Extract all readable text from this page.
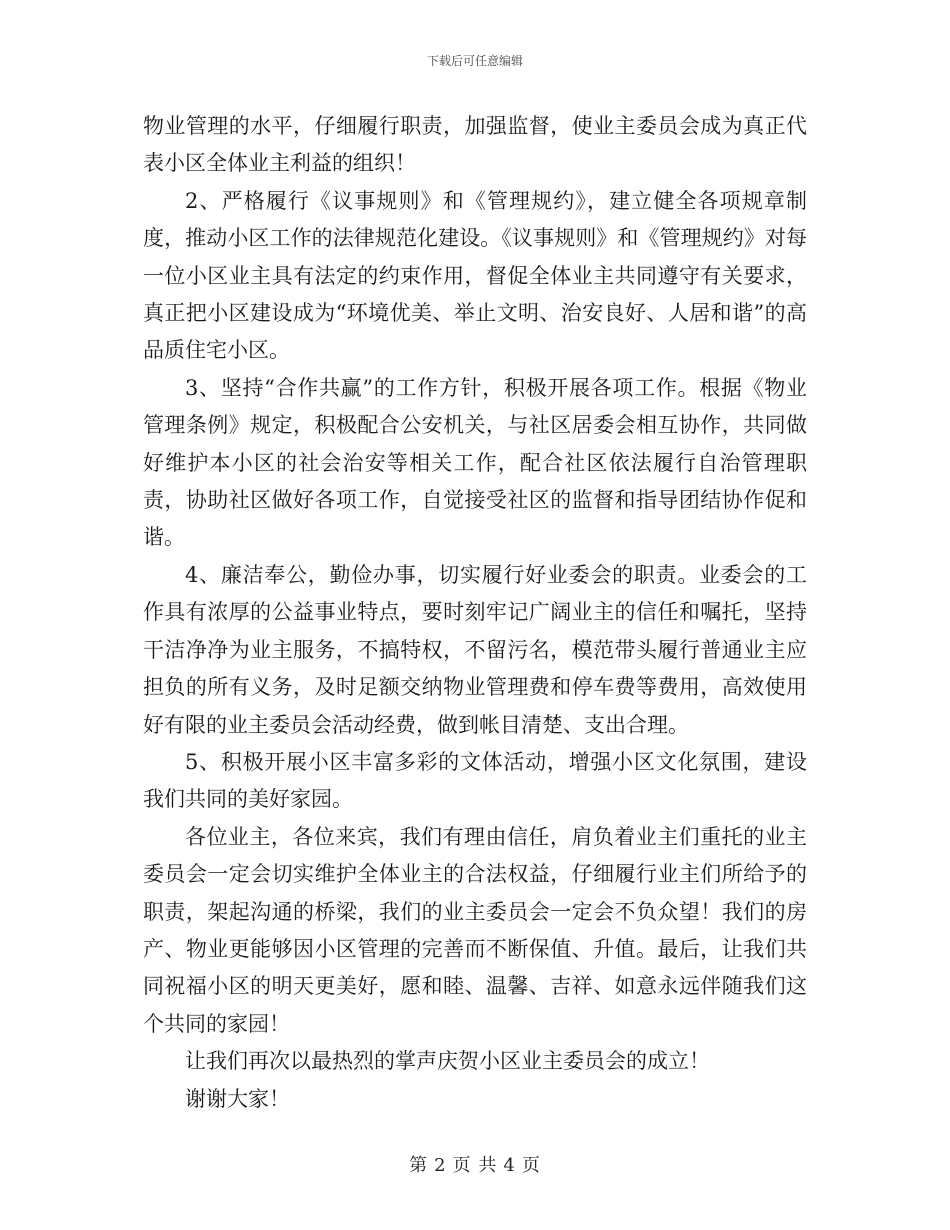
下载后可任意编辑

物业管理的水平，仔细履行职责，加强监督，使业主委员会成为真正代表小区全体业主利益的组织！

2、严格履行《议事规则》和《管理规约》，建立健全各项规章制度，推动小区工作的法律规范化建设。《议事规则》和《管理规约》对每一位小区业主具有法定的约束作用，督促全体业主共同遵守有关要求，真正把小区建设成为“环境优美、举止文明、治安良好、人居和谐”的高品质住宅小区。

3、坚持“合作共赢”的工作方针，积极开展各项工作。根据《物业管理条例》规定，积极配合公安机关，与社区居委会相互协作，共同做好维护本小区的社会治安等相关工作，配合社区依法履行自治管理职责，协助社区做好各项工作，自觉接受社区的监督和指导团结协作促和谐。

4、廉洁奉公，勤俭办事，切实履行好业委会的职责。业委会的工作具有浓厚的公益事业特点，要时刻牢记广阔业主的信任和嘱托，坚持干洁净净为业主服务，不搞特权，不留污名，模范带头履行普通业主应担负的所有义务，及时足额交纳物业管理费和停车费等费用，高效使用好有限的业主委员会活动经费，做到帐目清楚、支出合理。

5、积极开展小区丰富多彩的文体活动，增强小区文化氛围，建设我们共同的美好家园。

各位业主，各位来宾，我们有理由信任，肩负着业主们重托的业主委员会一定会切实维护全体业主的合法权益，仔细履行业主们所给予的职责，架起沟通的桥梁，我们的业主委员会一定会不负众望！我们的房产、物业更能够因小区管理的完善而不断保值、升值。最后，让我们共同祝福小区的明天更美好，愿和睦、温馨、吉祥、如意永远伴随我们这个共同的家园！

让我们再次以最热烈的掌声庆贺小区业主委员会的成立！

谢谢大家！

第 2 页 共 4 页
